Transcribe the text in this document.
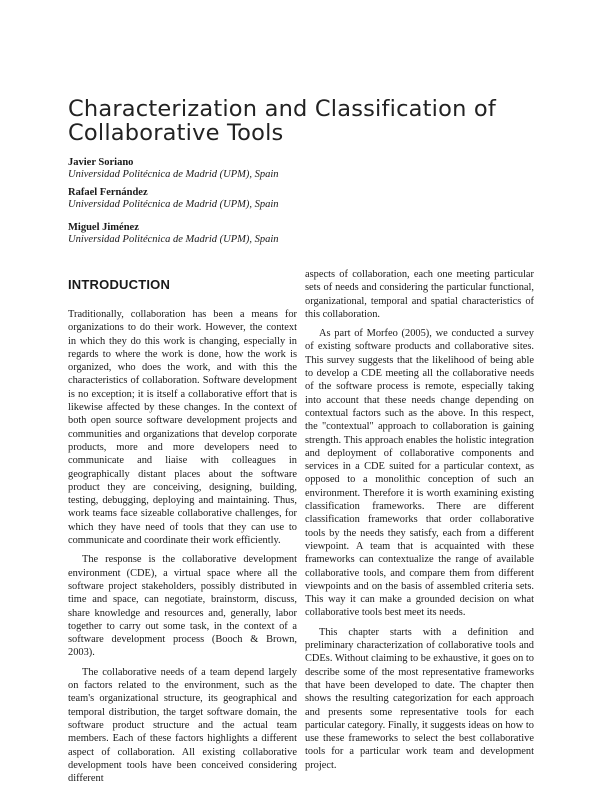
Characterization and Classification of Collaborative Tools
Javier Soriano
Universidad Politécnica de Madrid (UPM), Spain
Rafael Fernández
Universidad Politécnica de Madrid (UPM), Spain
Miguel Jiménez
Universidad Politécnica de Madrid (UPM), Spain
INTRODUCTION

Traditionally, collaboration has been a means for organizations to do their work. However, the context in which they do this work is changing, especially in regards to where the work is done, how the work is organized, who does the work, and with this the characteristics of collaboration. Software development is no exception; it is itself a collaborative effort that is likewise affected by these changes. In the context of both open source software development projects and communities and organizations that develop corporate products, more and more developers need to communicate and liaise with colleagues in geographically distant places about the software product they are conceiving, designing, building, testing, debugging, deploying and maintaining. Thus, work teams face sizeable collaborative challenges, for which they have need of tools that they can use to communicate and coordinate their work efficiently.

The response is the collaborative development environment (CDE), a virtual space where all the software project stakeholders, possibly distributed in time and space, can negotiate, brainstorm, discuss, share knowledge and resources and, generally, labor together to carry out some task, in the context of a software development process (Booch & Brown, 2003).

The collaborative needs of a team depend largely on factors related to the environment, such as the team's organizational structure, its geographical and temporal distribution, the target software domain, the software product structure and the actual team members. Each of these factors highlights a different aspect of collaboration. All existing collaborative development tools have been conceived considering different

aspects of collaboration, each one meeting particular sets of needs and considering the particular functional, organizational, temporal and spatial characteristics of this collaboration.

As part of Morfeo (2005), we conducted a survey of existing software products and collaborative sites. This survey suggests that the likelihood of being able to develop a CDE meeting all the collaborative needs of the software process is remote, especially taking into account that these needs change depending on contextual factors such as the above. In this respect, the "contextual" approach to collaboration is gaining strength. This approach enables the holistic integration and deployment of collaborative components and services in a CDE suited for a particular context, as opposed to a monolithic conception of such an environment. Therefore it is worth examining existing classification frameworks. There are different classification frameworks that order collaborative tools by the needs they satisfy, each from a different viewpoint. A team that is acquainted with these frameworks can contextualize the range of available collaborative tools, and compare them from different viewpoints and on the basis of assembled criteria sets. This way it can make a grounded decision on what collaborative tools best meet its needs.

This chapter starts with a definition and preliminary characterization of collaborative tools and CDEs. Without claiming to be exhaustive, it goes on to describe some of the most representative frameworks that have been developed to date. The chapter then shows the resulting categorization for each approach and presents some representative tools for each particular category. Finally, it suggests ideas on how to use these frameworks to select the best collaborative tools for a particular work team and development project.
